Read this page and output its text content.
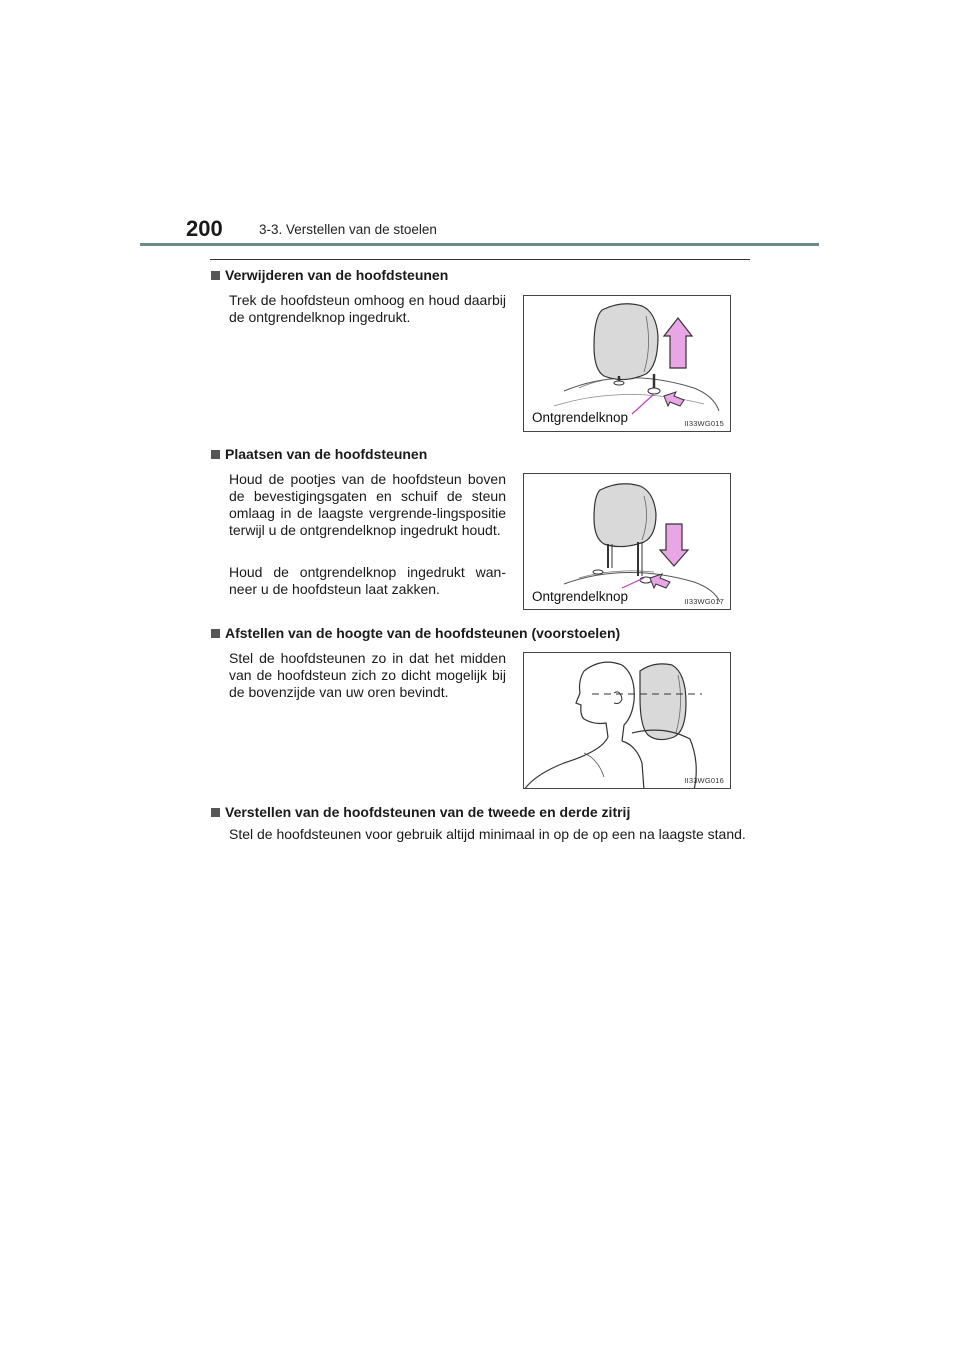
200	3-3. Verstellen van de stoelen
Verwijderen van de hoofdsteunen
Trek de hoofdsteun omhoog en houd daarbij de ontgrendelknop ingedrukt.
Ontgrendelknop	II33WG015
Plaatsen van de hoofdsteunen
Houd de pootjes van de hoofdsteun boven de bevestigingsgaten en schuif de steun omlaag in de laagste vergrende-lingspositie terwijl u de ontgrendelknop ingedrukt houdt.
Houd de ontgrendelknop ingedrukt wan-neer u de hoofdsteun laat zakken.	Ontgrendelknop	II33WG017
Afstellen van de hoogte van de hoofdsteunen (voorstoelen)
Stel de hoofdsteunen zo in dat het midden van de hoofdsteun zich zo dicht mogelijk bij de bovenzijde van uw oren bevindt.
II33WG016
Verstellen van de hoofdsteunen van de tweede en derde zitrij
Stel de hoofdsteunen voor gebruik altijd minimaal in op de op een na laagste stand.
